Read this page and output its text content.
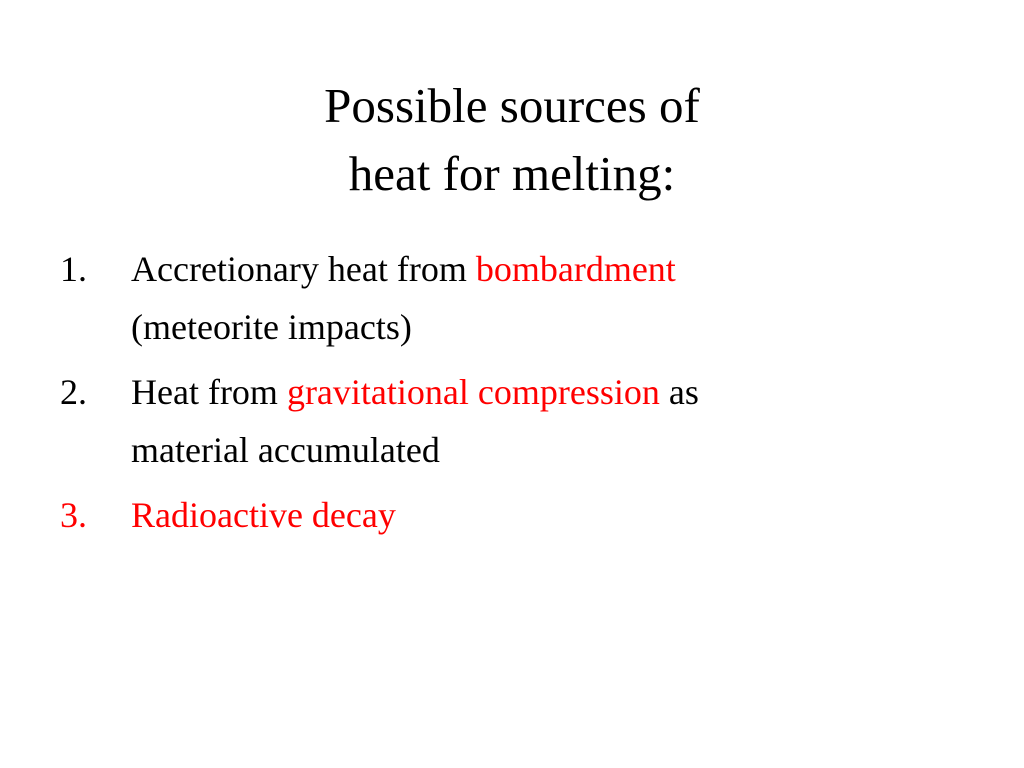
Possible sources of
heat for melting:
1. Accretionary heat from bombardment
(meteorite impacts)
2. Heat from gravitational compression as
material accumulated
3. Radioactive decay
